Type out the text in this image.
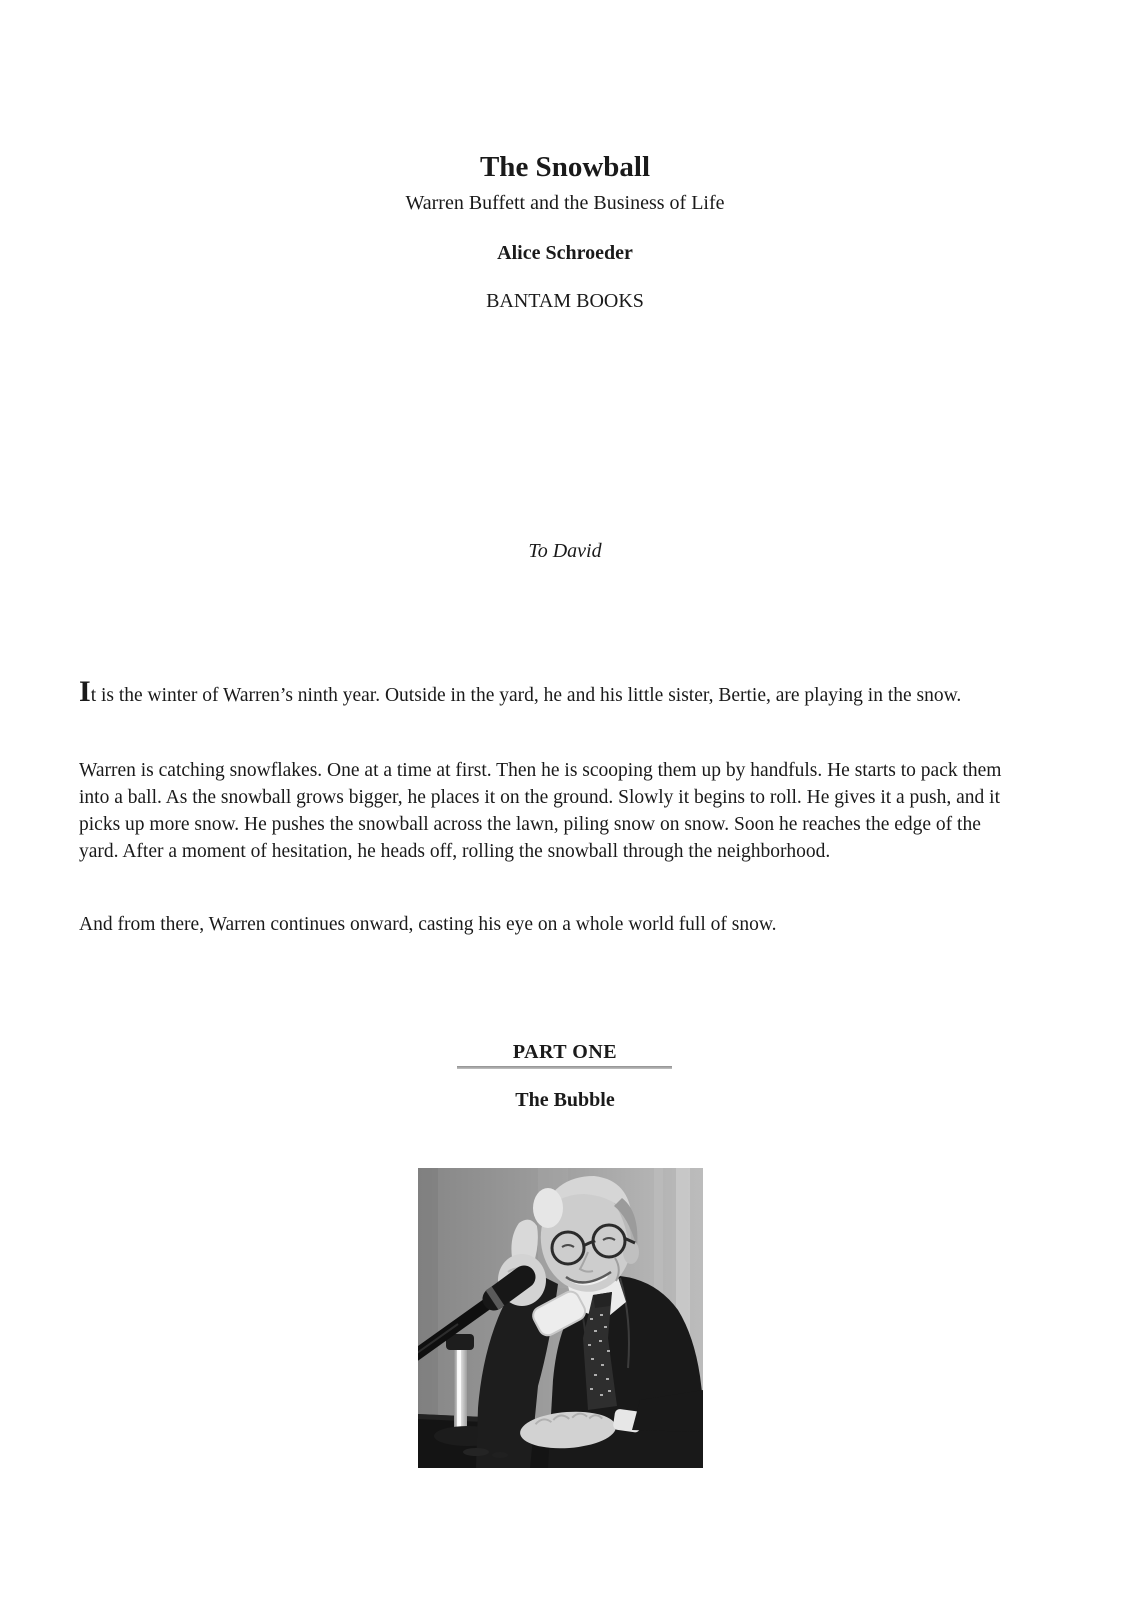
The Snowball
Warren Buffett and the Business of Life
Alice Schroeder
BANTAM BOOKS
To David

It is the winter of Warren’s ninth year. Outside in the yard, he and his little sister, Bertie, are playing in the snow.

Warren is catching snowflakes. One at a time at first. Then he is scooping them up by handfuls. He starts to pack them into a ball. As the snowball grows bigger, he places it on the ground. Slowly it begins to roll. He gives it a push, and it picks up more snow. He pushes the snowball across the lawn, piling snow on snow. Soon he reaches the edge of the yard. After a moment of hesitation, he heads off, rolling the snowball through the neighborhood.

And from there, Warren continues onward, casting his eye on a whole world full of snow.

PART ONE
The Bubble
